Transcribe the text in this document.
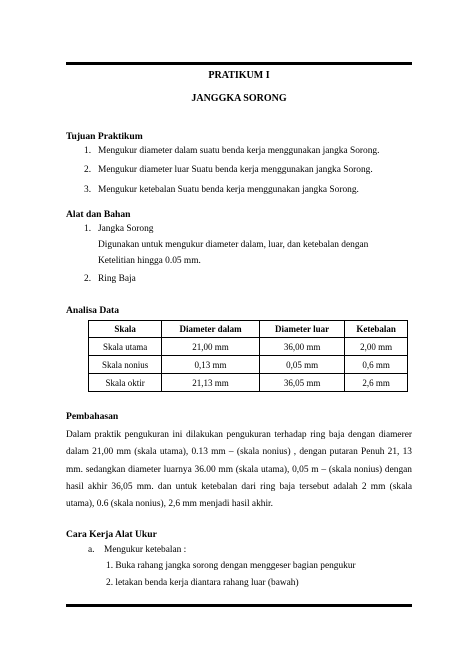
PRATIKUM I
JANGGKA SORONG
Tujuan Praktikum
1. Mengukur diameter dalam suatu benda kerja menggunakan jangka Sorong.
2. Mengukur diameter luar Suatu benda kerja menggunakan jangka Sorong.
3. Mengukur ketebalan Suatu benda kerja menggunakan jangka Sorong.
Alat dan Bahan
1. Jangka Sorong
Digunakan untuk mengukur diameter dalam, luar, dan ketebalan dengan
Ketelitian hingga 0.05 mm.
2. Ring Baja
Analisa Data
Skala	Diameter dalam	Diameter luar	Ketebalan
Skala utama	21,00 mm	36,00 mm	2,00 mm
Skala nonius	0,13 mm	0,05 mm	0,6 mm
Skala oktir	21,13 mm	36,05 mm	2,6 mm
Pembahasan
Dalam praktik pengukuran ini dilakukan pengukuran terhadap ring baja dengan diamerer dalam 21,00 mm (skala utama), 0.13 mm – (skala nonius) , dengan putaran Penuh 21, 13 mm. sedangkan diameter luarnya 36.00 mm (skala utama), 0,05 m – (skala nonius) dengan hasil akhir 36,05 mm. dan untuk ketebalan dari ring baja tersebut adalah 2 mm (skala utama), 0.6 (skala nonius), 2,6 mm menjadi hasil akhir.
Cara Kerja Alat Ukur
a. Mengukur ketebalan :
1. Buka rahang jangka sorong dengan menggeser bagian pengukur
2. letakan benda kerja diantara rahang luar (bawah)
